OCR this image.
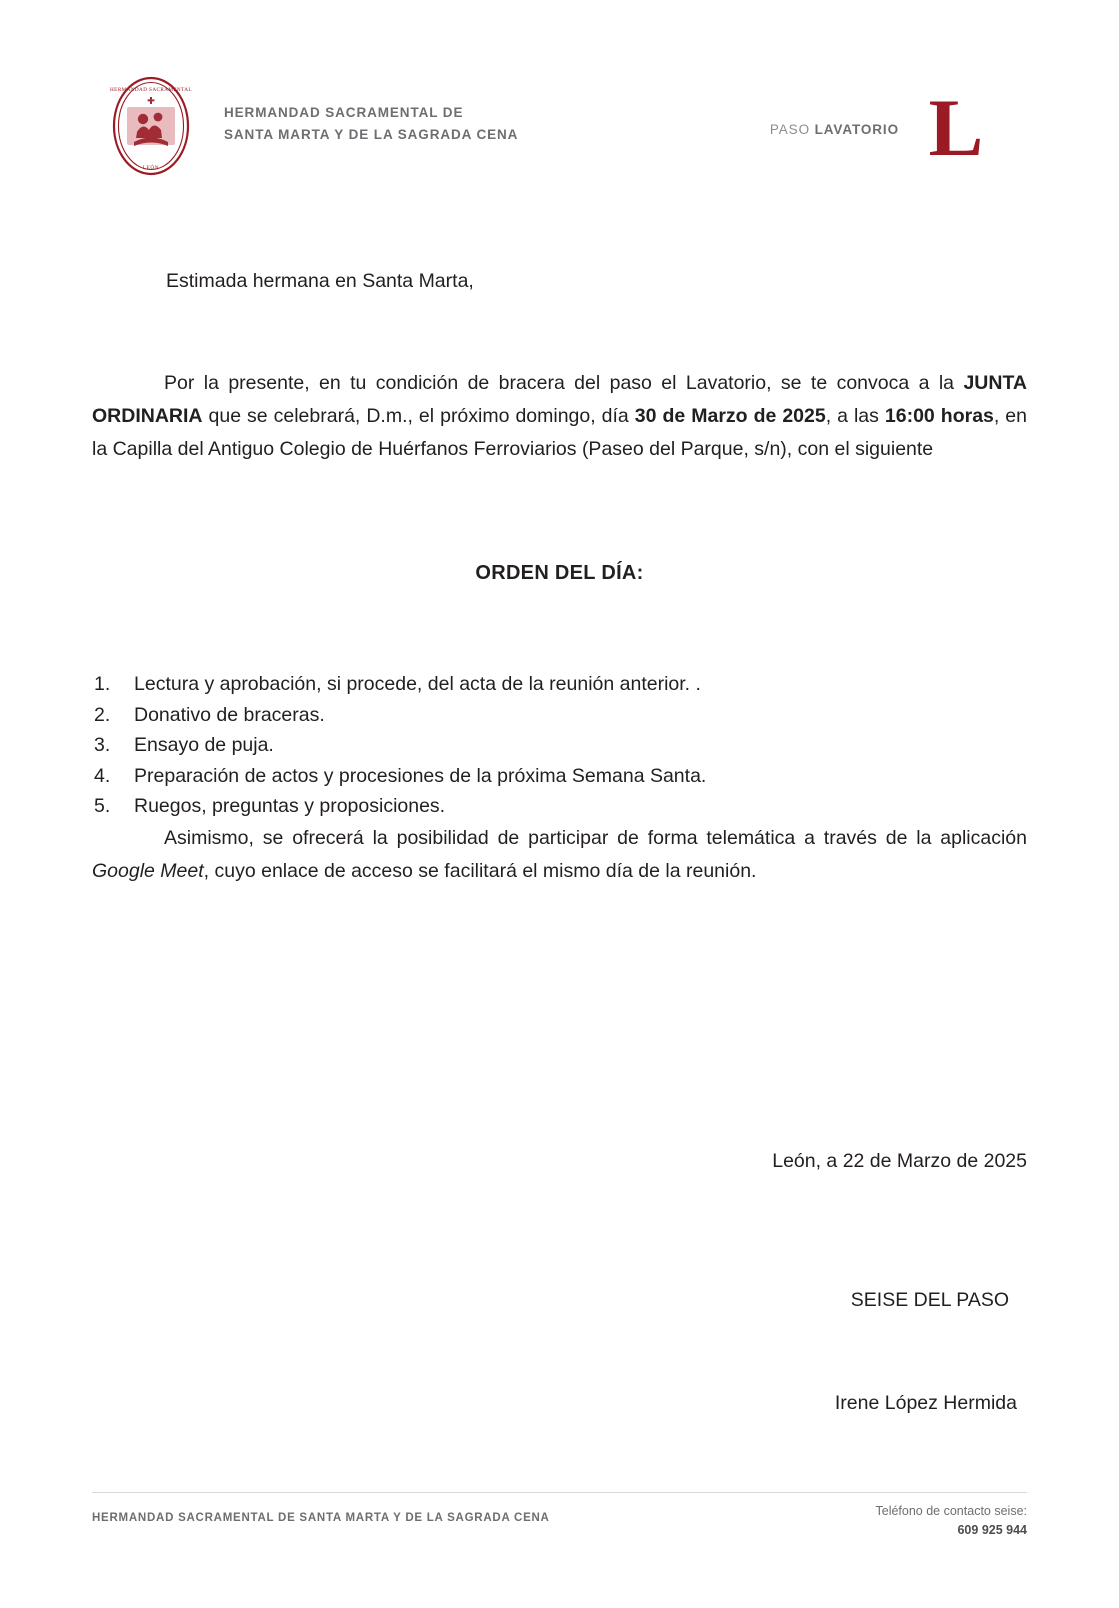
HERMANDAD SACRAMENTAL
LEÓN
HERMANDAD SACRAMENTAL DE
SANTA MARTA Y DE LA SAGRADA CENA	PASO LAVATORIO L

Estimada hermana en Santa Marta,

Por la presente, en tu condición de bracera del paso el Lavatorio, se te convoca a la JUNTA ORDINARIA que se celebrará, D.m., el próximo domingo, día 30 de Marzo de 2025, a las 16:00 horas, en la Capilla del Antiguo Colegio de Huérfanos Ferroviarios (Paseo del Parque, s/n), con el siguiente

ORDEN DEL DÍA:

Lectura y aprobación, si procede, del acta de la reunión anterior. .
Donativo de braceras.
Ensayo de puja.
Preparación de actos y procesiones de la próxima Semana Santa.
Ruegos, preguntas y proposiciones.

Asimismo, se ofrecerá la posibilidad de participar de forma telemática a través de la aplicación Google Meet, cuyo enlace de acceso se facilitará el mismo día de la reunión.

León, a 22 de Marzo de 2025

SEISE DEL PASO

Irene López Hermida

HERMANDAD SACRAMENTAL DE SANTA MARTA Y DE LA SAGRADA CENA	Teléfono de contacto seise:
609 925 944
